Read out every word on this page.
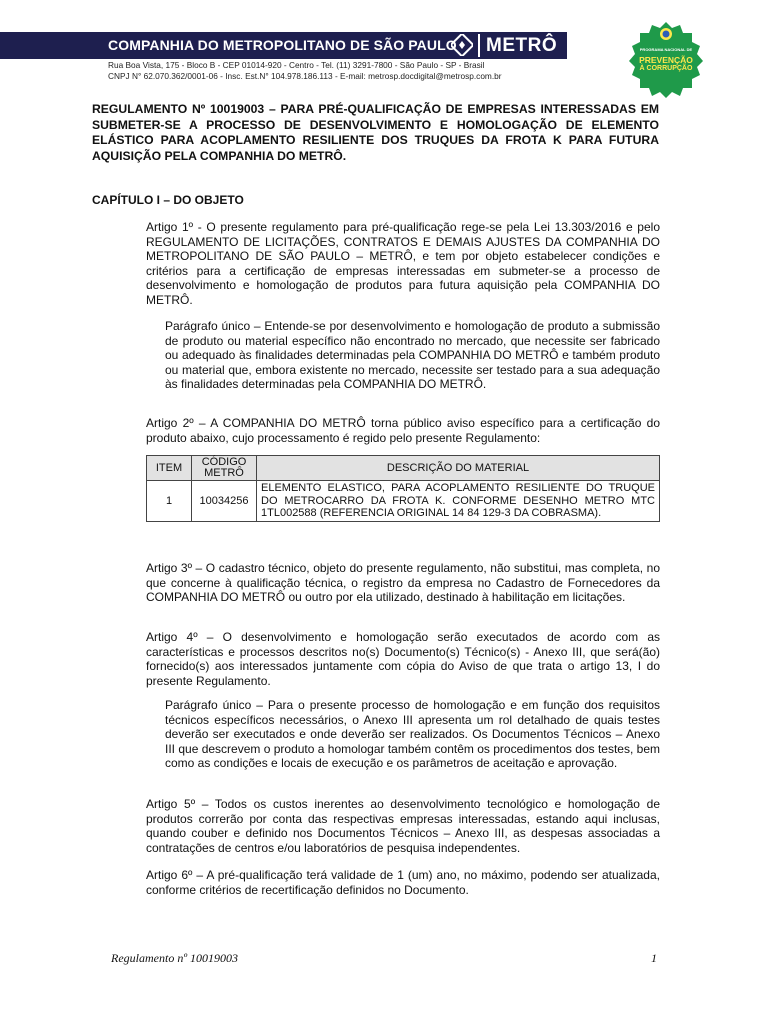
COMPANHIA DO METROPOLITANO DE SÃO PAULO METRÔ
Rua Boa Vista, 175 - Bloco B - CEP 01014-920 - Centro - Tel. (11) 3291-7800 - São Paulo - SP - Brasil
CNPJ N° 62.070.362/0001-06 - Insc. Est.N° 104.978.186.113 - E-mail: metrosp.docdigital@metrosp.com.br
PROGRAMA NACIONAL DE
PREVENÇÃO
À CORRUPÇÃO
REGULAMENTO Nº 10019003 – PARA PRÉ-QUALIFICAÇÃO DE EMPRESAS INTERESSADAS EM SUBMETER-SE A PROCESSO DE DESENVOLVIMENTO E HOMOLOGAÇÃO DE ELEMENTO ELÁSTICO PARA ACOPLAMENTO RESILIENTE DOS TRUQUES DA FROTA K PARA FUTURA AQUISIÇÃO PELA COMPANHIA DO METRÔ.
CAPÍTULO I – DO OBJETO
Artigo 1º - O presente regulamento para pré-qualificação rege-se pela Lei 13.303/2016 e pelo REGULAMENTO DE LICITAÇÕES, CONTRATOS E DEMAIS AJUSTES DA COMPANHIA DO METROPOLITANO DE SÃO PAULO – METRÔ, e tem por objeto estabelecer condições e critérios para a certificação de empresas interessadas em submeter-se a processo de desenvolvimento e homologação de produtos para futura aquisição pela COMPANHIA DO METRÔ.
Parágrafo único – Entende-se por desenvolvimento e homologação de produto a submissão de produto ou material específico não encontrado no mercado, que necessite ser fabricado ou adequado às finalidades determinadas pela COMPANHIA DO METRÔ e também produto ou material que, embora existente no mercado, necessite ser testado para a sua adequação às finalidades determinadas pela COMPANHIA DO METRÔ.
Artigo 2º – A COMPANHIA DO METRÔ torna público aviso específico para a certificação do produto abaixo, cujo processamento é regido pelo presente Regulamento:
ITEM	CÓDIGO METRÔ	DESCRIÇÃO DO MATERIAL
1	10034256	ELEMENTO ELASTICO, PARA ACOPLAMENTO RESILIENTE DO TRUQUE DO METROCARRO DA FROTA K. CONFORME DESENHO METRO MTC 1TL002588 (REFERENCIA ORIGINAL 14 84 129-3 DA COBRASMA).
Artigo 3º – O cadastro técnico, objeto do presente regulamento, não substitui, mas completa, no que concerne à qualificação técnica, o registro da empresa no Cadastro de Fornecedores da COMPANHIA DO METRÔ ou outro por ela utilizado, destinado à habilitação em licitações.
Artigo 4º – O desenvolvimento e homologação serão executados de acordo com as características e processos descritos no(s) Documento(s) Técnico(s) - Anexo III, que será(ão) fornecido(s) aos interessados juntamente com cópia do Aviso de que trata o artigo 13, I do presente Regulamento.
Parágrafo único – Para o presente processo de homologação e em função dos requisitos técnicos específicos necessários, o Anexo III apresenta um rol detalhado de quais testes deverão ser executados e onde deverão ser realizados. Os Documentos Técnicos – Anexo III que descrevem o produto a homologar também contêm os procedimentos dos testes, bem como as condições e locais de execução e os parâmetros de aceitação e aprovação.
Artigo 5º – Todos os custos inerentes ao desenvolvimento tecnológico e homologação de produtos correrão por conta das respectivas empresas interessadas, estando aqui inclusas, quando couber e definido nos Documentos Técnicos – Anexo III, as despesas associadas a contratações de centros e/ou laboratórios de pesquisa independentes.
Artigo 6º – A pré-qualificação terá validade de 1 (um) ano, no máximo, podendo ser atualizada, conforme critérios de recertificação definidos no Documento.
Regulamento nº 10019003	1
